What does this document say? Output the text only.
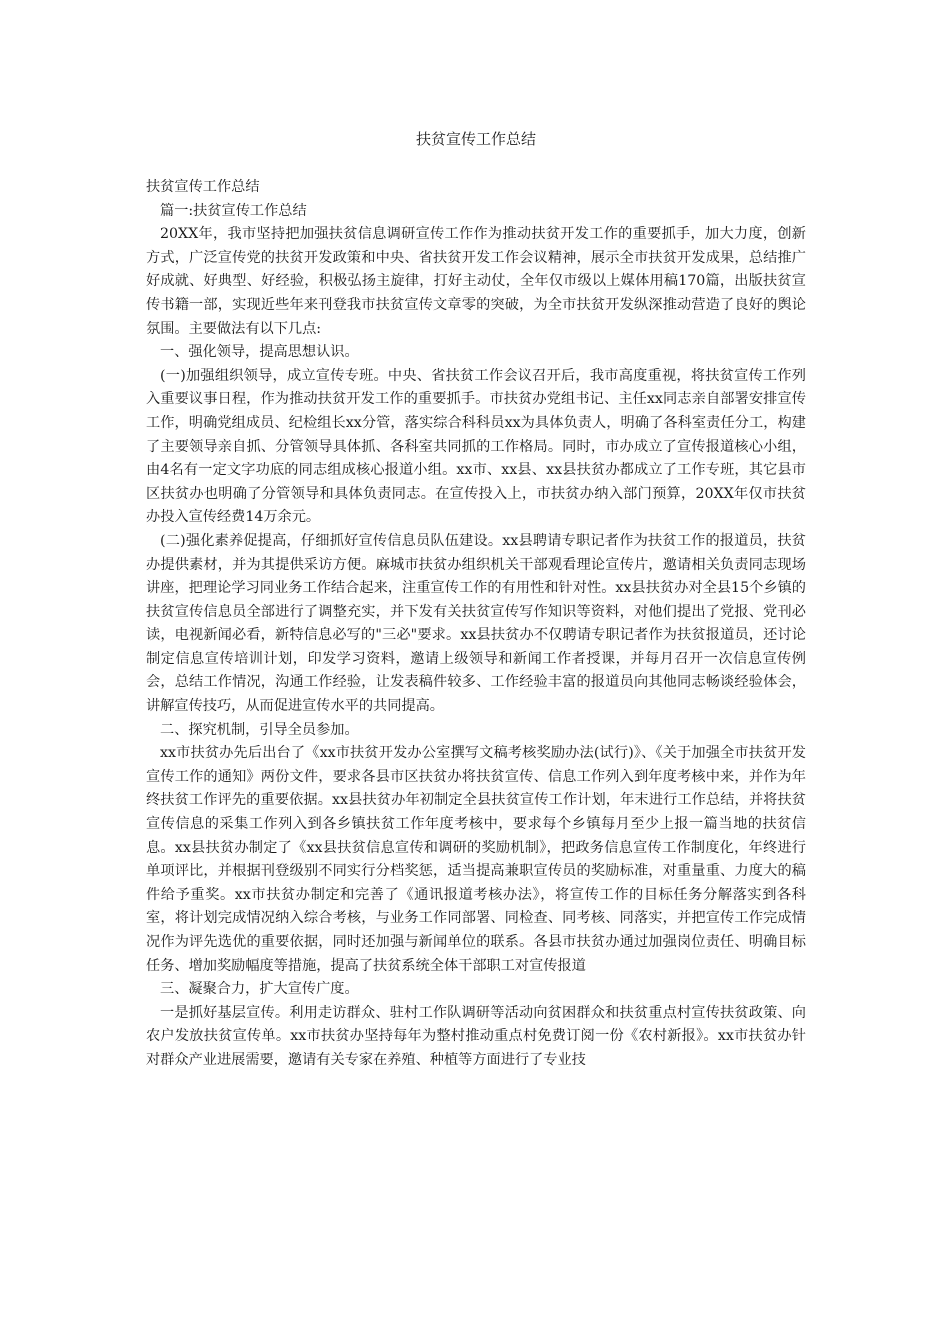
扶贫宣传工作总结

扶贫宣传工作总结

篇一:扶贫宣传工作总结

20XX年，我市坚持把加强扶贫信息调研宣传工作作为推动扶贫开发工作的重要抓手，加大力度，创新方式，广泛宣传党的扶贫开发政策和中央、省扶贫开发工作会议精神，展示全市扶贫开发成果，总结推广好成就、好典型、好经验，积极弘扬主旋律，打好主动仗，全年仅市级以上媒体用稿170篇，出版扶贫宣传书籍一部，实现近些年来刊登我市扶贫宣传文章零的突破，为全市扶贫开发纵深推动营造了良好的舆论氛围。主要做法有以下几点:

一、强化领导，提高思想认识。

(一)加强组织领导，成立宣传专班。中央、省扶贫工作会议召开后，我市高度重视，将扶贫宣传工作列入重要议事日程，作为推动扶贫开发工作的重要抓手。市扶贫办党组书记、主任xx同志亲自部署安排宣传工作，明确党组成员、纪检组长xx分管，落实综合科科员xx为具体负责人，明确了各科室责任分工，构建了主要领导亲自抓、分管领导具体抓、各科室共同抓的工作格局。同时，市办成立了宣传报道核心小组，由4名有一定文字功底的同志组成核心报道小组。xx市、xx县、xx县扶贫办都成立了工作专班，其它县市区扶贫办也明确了分管领导和具体负责同志。在宣传投入上，市扶贫办纳入部门预算，20XX年仅市扶贫办投入宣传经费14万余元。

(二)强化素养促提高，仔细抓好宣传信息员队伍建设。xx县聘请专职记者作为扶贫工作的报道员，扶贫办提供素材，并为其提供采访方便。麻城市扶贫办组织机关干部观看理论宣传片，邀请相关负责同志现场讲座，把理论学习同业务工作结合起来，注重宣传工作的有用性和针对性。xx县扶贫办对全县15个乡镇的扶贫宣传信息员全部进行了调整充实，并下发有关扶贫宣传写作知识等资料，对他们提出了党报、党刊必读，电视新闻必看，新特信息必写的"三必"要求。xx县扶贫办不仅聘请专职记者作为扶贫报道员，还讨论制定信息宣传培训计划，印发学习资料，邀请上级领导和新闻工作者授课，并每月召开一次信息宣传例会，总结工作情况，沟通工作经验，让发表稿件较多、工作经验丰富的报道员向其他同志畅谈经验体会，讲解宣传技巧，从而促进宣传水平的共同提高。

二、探究机制，引导全员参加。

xx市扶贫办先后出台了《xx市扶贫开发办公室撰写文稿考核奖励办法(试行)》、《关于加强全市扶贫开发宣传工作的通知》两份文件，要求各县市区扶贫办将扶贫宣传、信息工作列入到年度考核中来，并作为年终扶贫工作评先的重要依据。xx县扶贫办年初制定全县扶贫宣传工作计划，年末进行工作总结，并将扶贫宣传信息的采集工作列入到各乡镇扶贫工作年度考核中，要求每个乡镇每月至少上报一篇当地的扶贫信息。xx县扶贫办制定了《xx县扶贫信息宣传和调研的奖励机制》，把政务信息宣传工作制度化，年终进行单项评比，并根据刊登级别不同实行分档奖惩，适当提高兼职宣传员的奖励标准，对重量重、力度大的稿件给予重奖。xx市扶贫办制定和完善了《通讯报道考核办法》，将宣传工作的目标任务分解落实到各科室，将计划完成情况纳入综合考核，与业务工作同部署、同检查、同考核、同落实，并把宣传工作完成情况作为评先选优的重要依据，同时还加强与新闻单位的联系。各县市扶贫办通过加强岗位责任、明确目标任务、增加奖励幅度等措施，提高了扶贫系统全体干部职工对宣传报道

三、凝聚合力，扩大宣传广度。

一是抓好基层宣传。利用走访群众、驻村工作队调研等活动向贫困群众和扶贫重点村宣传扶贫政策、向农户发放扶贫宣传单。xx市扶贫办坚持每年为整村推动重点村免费订阅一份《农村新报》。xx市扶贫办针对群众产业进展需要，邀请有关专家在养殖、种植等方面进行了专业技
